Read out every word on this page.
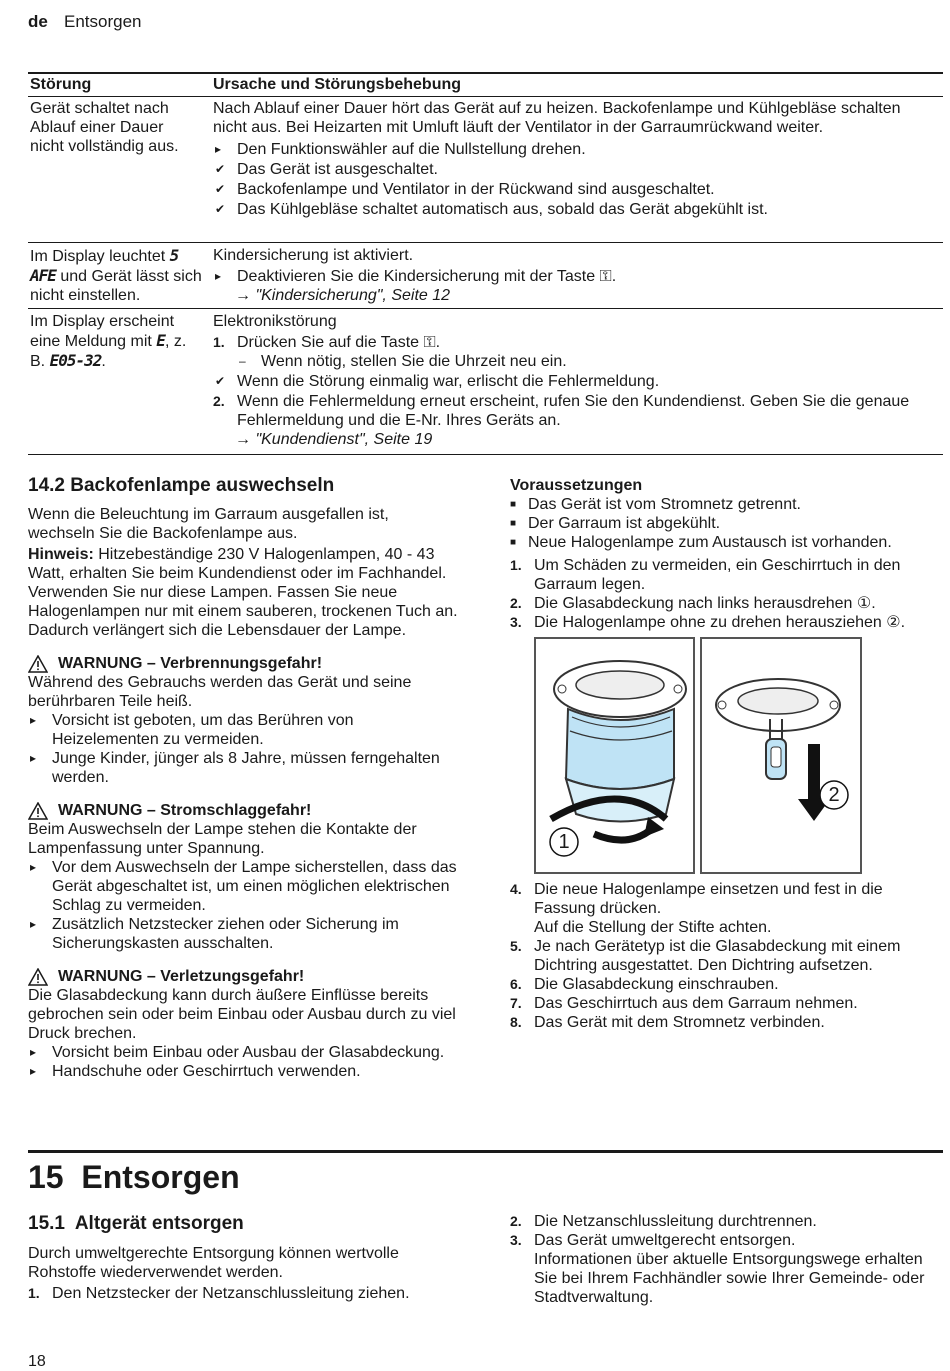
de Entsorgen
Störung	Ursache und Störungsbehebung
Gerät schaltet nach Ablauf einer Dauer nicht vollständig aus.

Nach Ablauf einer Dauer hört das Gerät auf zu heizen. Backofenlampe und Kühlgebläse schalten nicht aus. Bei Heizarten mit Umluft läuft der Ventilator in der Garraumrückwand weiter.

▸ Den Funktionswähler auf die Nullstellung drehen.
✔ Das Gerät ist ausgeschaltet.
✔ Backofenlampe und Ventilator in der Rückwand sind ausgeschaltet.
✔ Das Kühlgebläse schaltet automatisch aus, sobald das Gerät abgekühlt ist.
Im Display leuchtet 5 AFE und Gerät lässt sich nicht einstellen.

Kindersicherung ist aktiviert.

▸ Deaktivieren Sie die Kindersicherung mit der Taste ⚿.
→ "Kindersicherung", Seite 12
Im Display erscheint eine Meldung mit E, z. B. E05-32.

Elektronikstörung

1. Drücken Sie auf die Taste ⚿.
– Wenn nötig, stellen Sie die Uhrzeit neu ein.
✔ Wenn die Störung einmalig war, erlischt die Fehlermeldung.
2. Wenn die Fehlermeldung erneut erscheint, rufen Sie den Kundendienst. Geben Sie die genaue Fehlermeldung und die E-Nr. Ihres Geräts an.
→ "Kundendienst", Seite 19
14.2 Backofenlampe auswechseln

Wenn die Beleuchtung im Garraum ausgefallen ist, wechseln Sie die Backofenlampe aus.

Hinweis: Hitzebeständige 230 V Halogenlampen, 40 - 43 Watt, erhalten Sie beim Kundendienst oder im Fachhandel. Verwenden Sie nur diese Lampen. Fassen Sie neue Halogenlampen nur mit einem sauberen, trockenen Tuch an. Dadurch verlängert sich die Lebensdauer der Lampe.

WARNUNG – Verbrennungsgefahr!

Während des Gebrauchs werden das Gerät und seine berührbaren Teile heiß.

▸ Vorsicht ist geboten, um das Berühren von Heizelementen zu vermeiden.
▸ Junge Kinder, jünger als 8 Jahre, müssen ferngehalten werden.
WARNUNG – Stromschlaggefahr!

Beim Auswechseln der Lampe stehen die Kontakte der Lampenfassung unter Spannung.

▸ Vor dem Auswechseln der Lampe sicherstellen, dass das Gerät abgeschaltet ist, um einen möglichen elektrischen Schlag zu vermeiden.
▸ Zusätzlich Netzstecker ziehen oder Sicherung im Sicherungskasten ausschalten.
WARNUNG – Verletzungsgefahr!

Die Glasabdeckung kann durch äußere Einflüsse bereits gebrochen sein oder beim Einbau oder Ausbau durch zu viel Druck brechen.

▸ Vorsicht beim Einbau oder Ausbau der Glasabdeckung.
▸ Handschuhe oder Geschirrtuch verwenden.
Voraussetzungen
■ Das Gerät ist vom Stromnetz getrennt.
■ Der Garraum ist abgekühlt.
■ Neue Halogenlampe zum Austausch ist vorhanden.
1. Um Schäden zu vermeiden, ein Geschirrtuch in den Garraum legen.
2. Die Glasabdeckung nach links herausdrehen ①.
3. Die Halogenlampe ohne zu drehen herausziehen ②.
1
2
4. Die neue Halogenlampe einsetzen und fest in die Fassung drücken.
Auf die Stellung der Stifte achten.
5. Je nach Gerätetyp ist die Glasabdeckung mit einem Dichtring ausgestattet. Den Dichtring aufsetzen.
6. Die Glasabdeckung einschrauben.
7. Das Geschirrtuch aus dem Garraum nehmen.
8. Das Gerät mit dem Stromnetz verbinden.
15  Entsorgen
15.1  Altgerät entsorgen

Durch umweltgerechte Entsorgung können wertvolle Rohstoffe wiederverwendet werden.

1. Den Netzstecker der Netzanschlussleitung ziehen.
2. Die Netzanschlussleitung durchtrennen.
3. Das Gerät umweltgerecht entsorgen.
Informationen über aktuelle Entsorgungswege erhalten Sie bei Ihrem Fachhändler sowie Ihrer Gemeinde- oder Stadtverwaltung.
18
